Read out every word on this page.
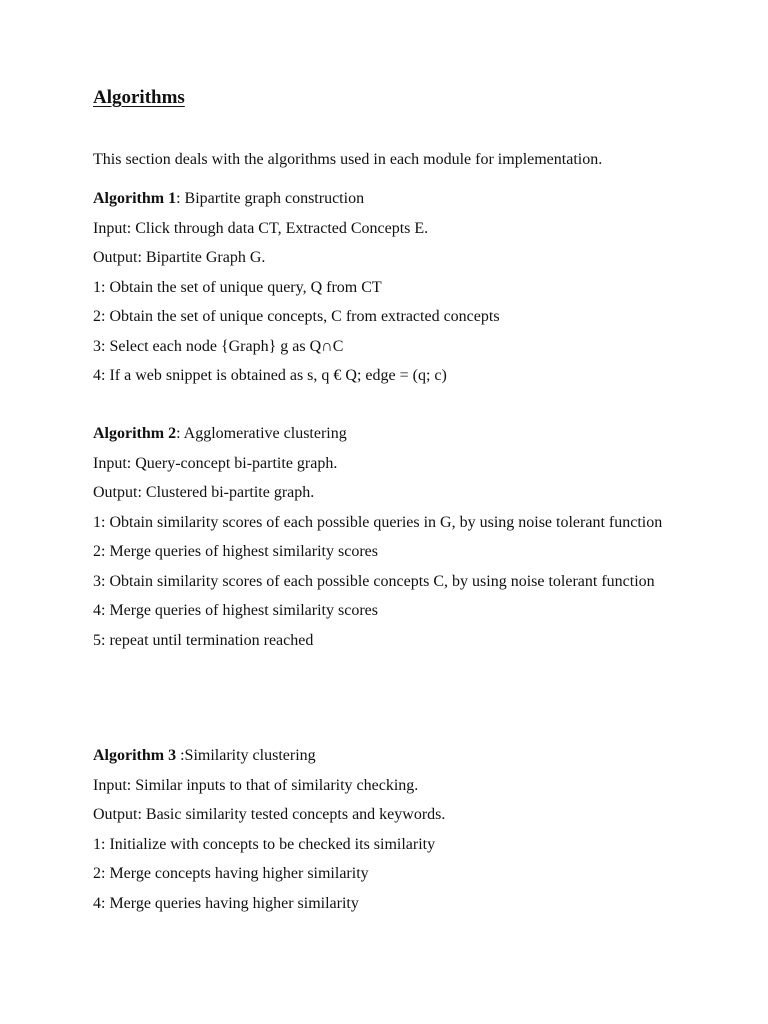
Algorithms

This section deals with the algorithms used in each module for implementation.

Algorithm 1: Bipartite graph construction

Input: Click through data CT, Extracted Concepts E.

Output: Bipartite Graph G.

1: Obtain the set of unique query, Q from CT

2: Obtain the set of unique concepts, C from extracted concepts

3: Select each node {Graph} g as Q∩C

4: If a web snippet is obtained as s, q € Q; edge = (q; c)

Algorithm 2: Agglomerative clustering

Input: Query-concept bi-partite graph.

Output: Clustered bi-partite graph.

1: Obtain similarity scores of each possible queries in G, by using noise tolerant function

2: Merge queries of highest similarity scores

3: Obtain similarity scores of each possible concepts C, by using noise tolerant function

4: Merge queries of highest similarity scores

5: repeat until termination reached

Algorithm 3 :Similarity clustering

Input: Similar inputs to that of similarity checking.

Output: Basic similarity tested concepts and keywords.

1: Initialize with concepts to be checked its similarity

2: Merge concepts having higher similarity

4: Merge queries having higher similarity
